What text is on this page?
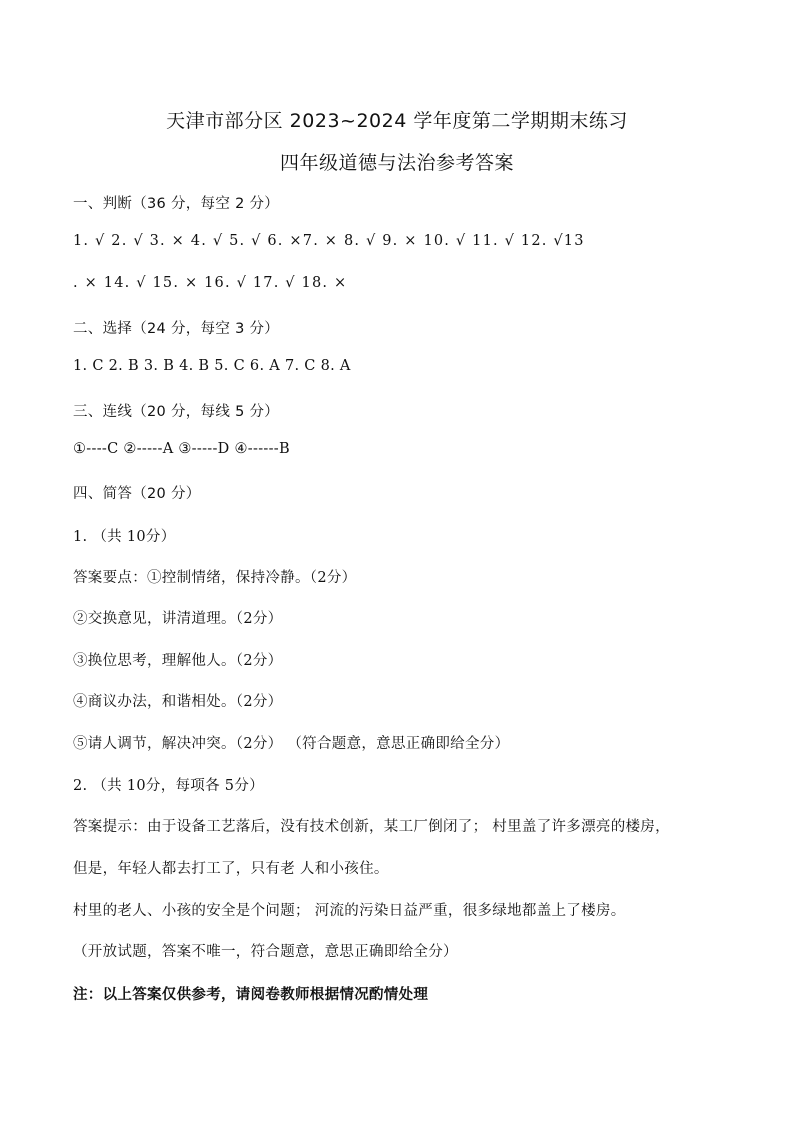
天津市部分区 2023~2024 学年度第二学期期末练习
四年级道德与法治参考答案
一、判断（36 分，每空 2 分）
1. √ 2. √ 3. × 4. √ 5. √ 6. ×7. × 8. √ 9. × 10. √ 11. √ 12. √13
. × 14. √ 15. × 16. √ 17. √ 18. ×
二、选择（24 分，每空 3 分）
1. C 2. B 3. B 4. B 5. C 6. A 7. C 8. A
三、连线（20 分，每线 5 分）
①----C ②-----A ③-----D ④------B
四、简答（20 分）
1. （共 10分）
答案要点：①控制情绪，保持冷静。（2分）
②交换意见，讲清道理。（2分）
③换位思考，理解他人。（2分）
④商议办法，和谐相处。（2分）
⑤请人调节，解决冲突。（2分） （符合题意，意思正确即给全分）
2. （共 10分，每项各 5分）
答案提示：由于设备工艺落后，没有技术创新，某工厂倒闭了； 村里盖了许多漂亮的楼房，
但是，年轻人都去打工了，只有老 人和小孩住。
村里的老人、小孩的安全是个问题； 河流的污染日益严重，很多绿地都盖上了楼房。
（开放试题，答案不唯一，符合题意，意思正确即给全分）
注：以上答案仅供参考，请阅卷教师根据情况酌情处理
